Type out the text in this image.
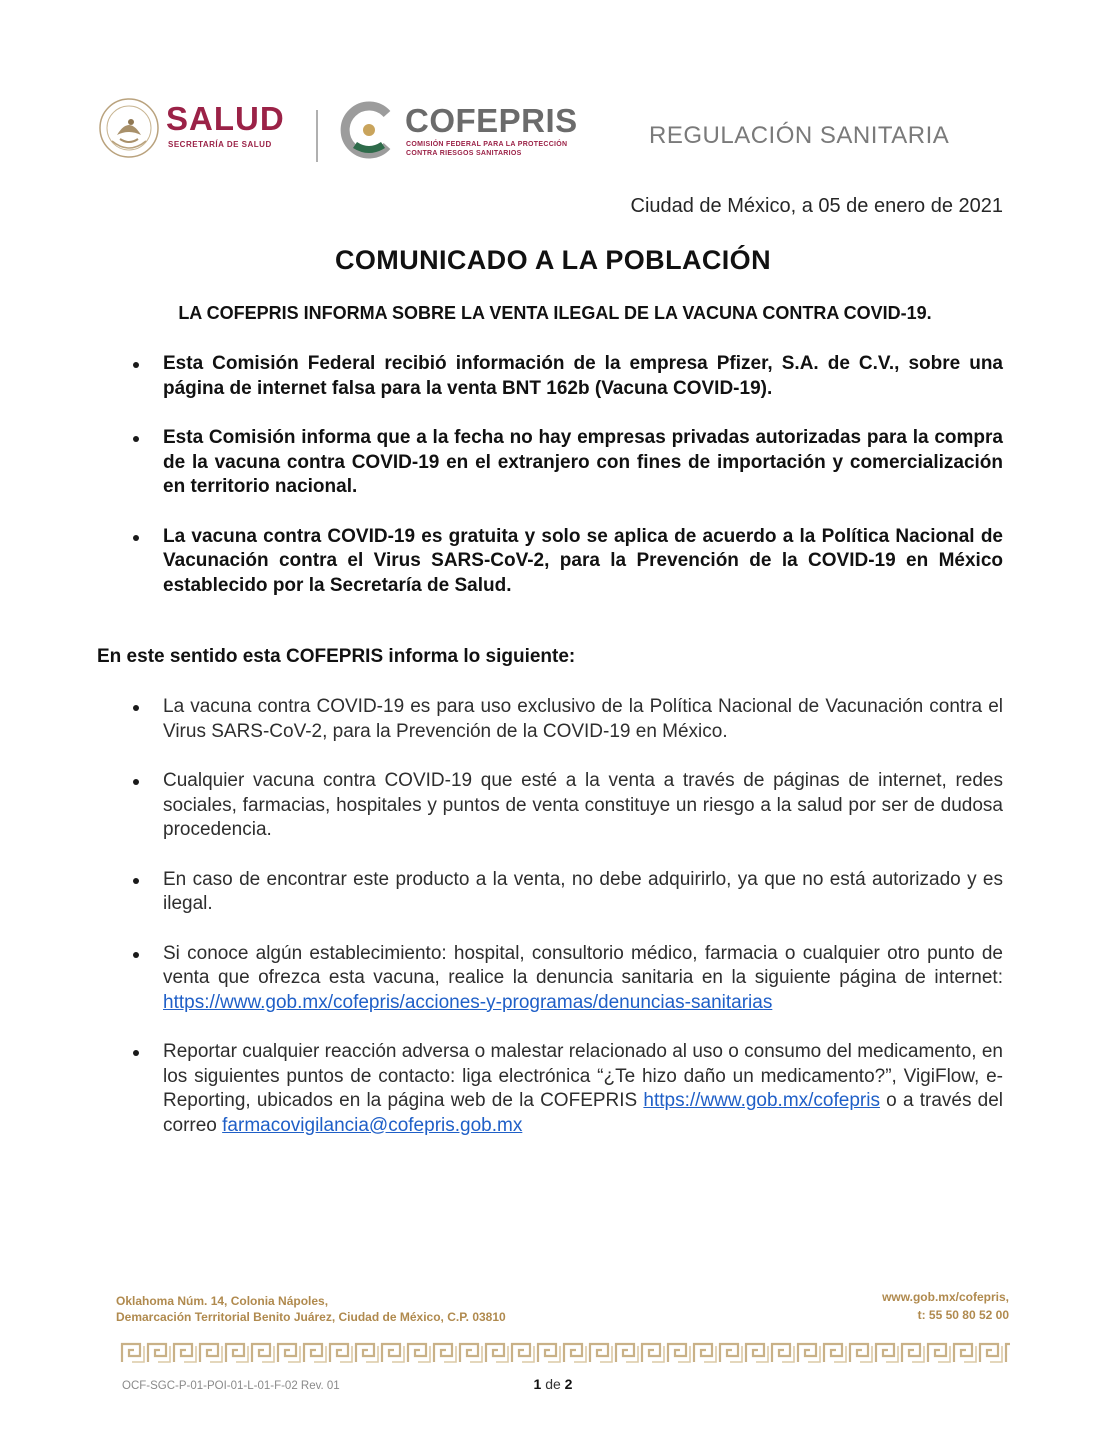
SALUD
SECRETARÍA DE SALUD
COFEPRIS
COMISIÓN FEDERAL PARA LA PROTECCIÓN
CONTRA RIESGOS SANITARIOS
REGULACIÓN SANITARIA
Ciudad de México, a 05 de enero de 2021
COMUNICADO A LA POBLACIÓN
LA COFEPRIS INFORMA SOBRE LA VENTA ILEGAL DE LA VACUNA CONTRA COVID-19.
Esta Comisión Federal recibió información de la empresa Pfizer, S.A. de C.V., sobre una página de internet falsa para la venta BNT 162b (Vacuna COVID-19).
Esta Comisión informa que a la fecha no hay empresas privadas autorizadas para la compra de la vacuna contra COVID-19 en el extranjero con fines de importación y comercialización en territorio nacional.
La vacuna contra COVID-19 es gratuita y solo se aplica de acuerdo a la Política Nacional de Vacunación contra el Virus SARS-CoV-2, para la Prevención de la COVID-19 en México establecido por la Secretaría de Salud.
En este sentido esta COFEPRIS informa lo siguiente:
La vacuna contra COVID-19 es para uso exclusivo de la Política Nacional de Vacunación contra el Virus SARS-CoV-2, para la Prevención de la COVID-19 en México.
Cualquier vacuna contra COVID-19 que esté a la venta a través de páginas de internet, redes sociales, farmacias, hospitales y puntos de venta constituye un riesgo a la salud por ser de dudosa procedencia.
En caso de encontrar este producto a la venta, no debe adquirirlo, ya que no está autorizado y es ilegal.
Si conoce algún establecimiento: hospital, consultorio médico, farmacia o cualquier otro punto de venta que ofrezca esta vacuna, realice la denuncia sanitaria en la siguiente página de internet: https://www.gob.mx/cofepris/acciones-y-programas/denuncias-sanitarias
Reportar cualquier reacción adversa o malestar relacionado al uso o consumo del medicamento, en los siguientes puntos de contacto: liga electrónica “¿Te hizo daño un medicamento?”, VigiFlow, e-Reporting, ubicados en la página web de la COFEPRIS https://www.gob.mx/cofepris o a través del correo farmacovigilancia@cofepris.gob.mx
Oklahoma Núm. 14, Colonia Nápoles,
Demarcación Territorial Benito Juárez, Ciudad de México, C.P. 03810
www.gob.mx/cofepris,
t: 55 50 80 52 00
OCF-SGC-P-01-POI-01-L-01-F-02 Rev. 01	1 de 2
